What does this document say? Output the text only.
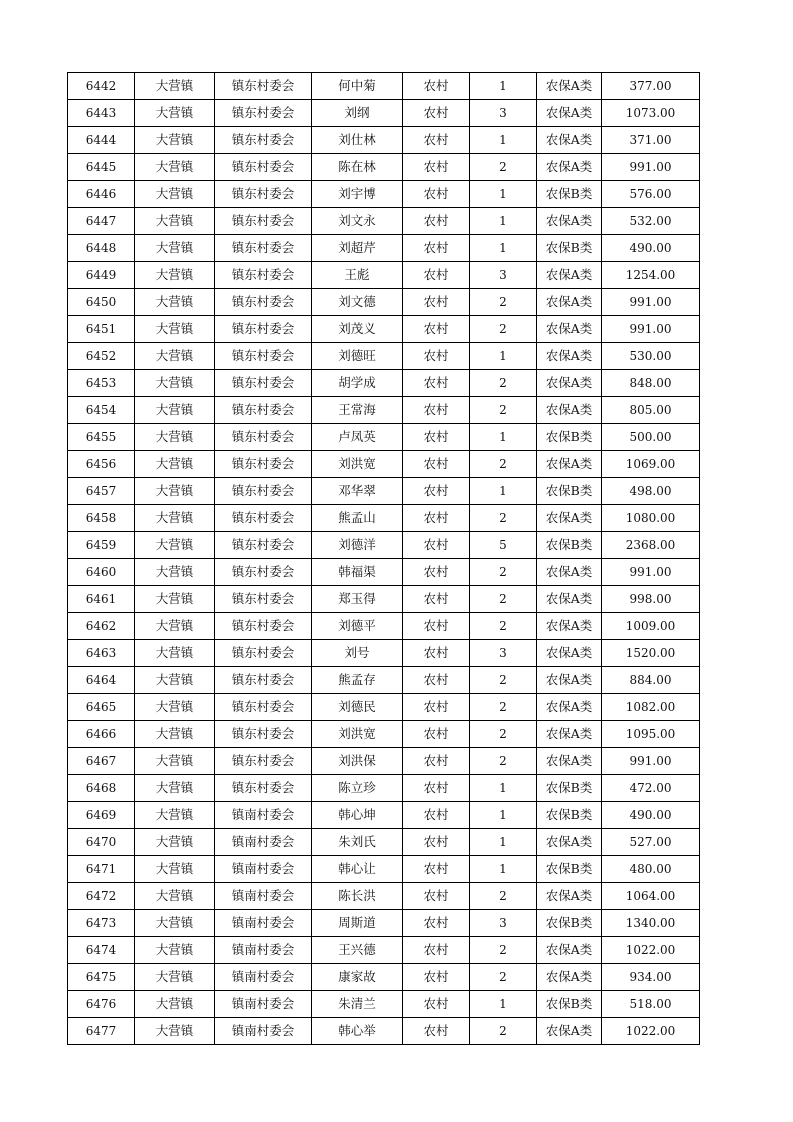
6442	大营镇	镇东村委会	何中菊	农村	1	农保A类	377.00
6443	大营镇	镇东村委会	刘纲	农村	3	农保A类	1073.00
6444	大营镇	镇东村委会	刘仕林	农村	1	农保A类	371.00
6445	大营镇	镇东村委会	陈在林	农村	2	农保A类	991.00
6446	大营镇	镇东村委会	刘宇博	农村	1	农保B类	576.00
6447	大营镇	镇东村委会	刘文永	农村	1	农保A类	532.00
6448	大营镇	镇东村委会	刘超芹	农村	1	农保B类	490.00
6449	大营镇	镇东村委会	王彪	农村	3	农保A类	1254.00
6450	大营镇	镇东村委会	刘文德	农村	2	农保A类	991.00
6451	大营镇	镇东村委会	刘茂义	农村	2	农保A类	991.00
6452	大营镇	镇东村委会	刘德旺	农村	1	农保A类	530.00
6453	大营镇	镇东村委会	胡学成	农村	2	农保A类	848.00
6454	大营镇	镇东村委会	王常海	农村	2	农保A类	805.00
6455	大营镇	镇东村委会	卢凤英	农村	1	农保B类	500.00
6456	大营镇	镇东村委会	刘洪宽	农村	2	农保A类	1069.00
6457	大营镇	镇东村委会	邓华翠	农村	1	农保B类	498.00
6458	大营镇	镇东村委会	熊孟山	农村	2	农保A类	1080.00
6459	大营镇	镇东村委会	刘德洋	农村	5	农保B类	2368.00
6460	大营镇	镇东村委会	韩福渠	农村	2	农保A类	991.00
6461	大营镇	镇东村委会	郑玉得	农村	2	农保A类	998.00
6462	大营镇	镇东村委会	刘德平	农村	2	农保A类	1009.00
6463	大营镇	镇东村委会	刘号	农村	3	农保A类	1520.00
6464	大营镇	镇东村委会	熊孟存	农村	2	农保A类	884.00
6465	大营镇	镇东村委会	刘德民	农村	2	农保A类	1082.00
6466	大营镇	镇东村委会	刘洪宽	农村	2	农保A类	1095.00
6467	大营镇	镇东村委会	刘洪保	农村	2	农保A类	991.00
6468	大营镇	镇东村委会	陈立珍	农村	1	农保B类	472.00
6469	大营镇	镇南村委会	韩心坤	农村	1	农保B类	490.00
6470	大营镇	镇南村委会	朱刘氏	农村	1	农保A类	527.00
6471	大营镇	镇南村委会	韩心让	农村	1	农保B类	480.00
6472	大营镇	镇南村委会	陈长洪	农村	2	农保A类	1064.00
6473	大营镇	镇南村委会	周斯道	农村	3	农保B类	1340.00
6474	大营镇	镇南村委会	王兴德	农村	2	农保A类	1022.00
6475	大营镇	镇南村委会	康家故	农村	2	农保A类	934.00
6476	大营镇	镇南村委会	朱清兰	农村	1	农保B类	518.00
6477	大营镇	镇南村委会	韩心举	农村	2	农保A类	1022.00
